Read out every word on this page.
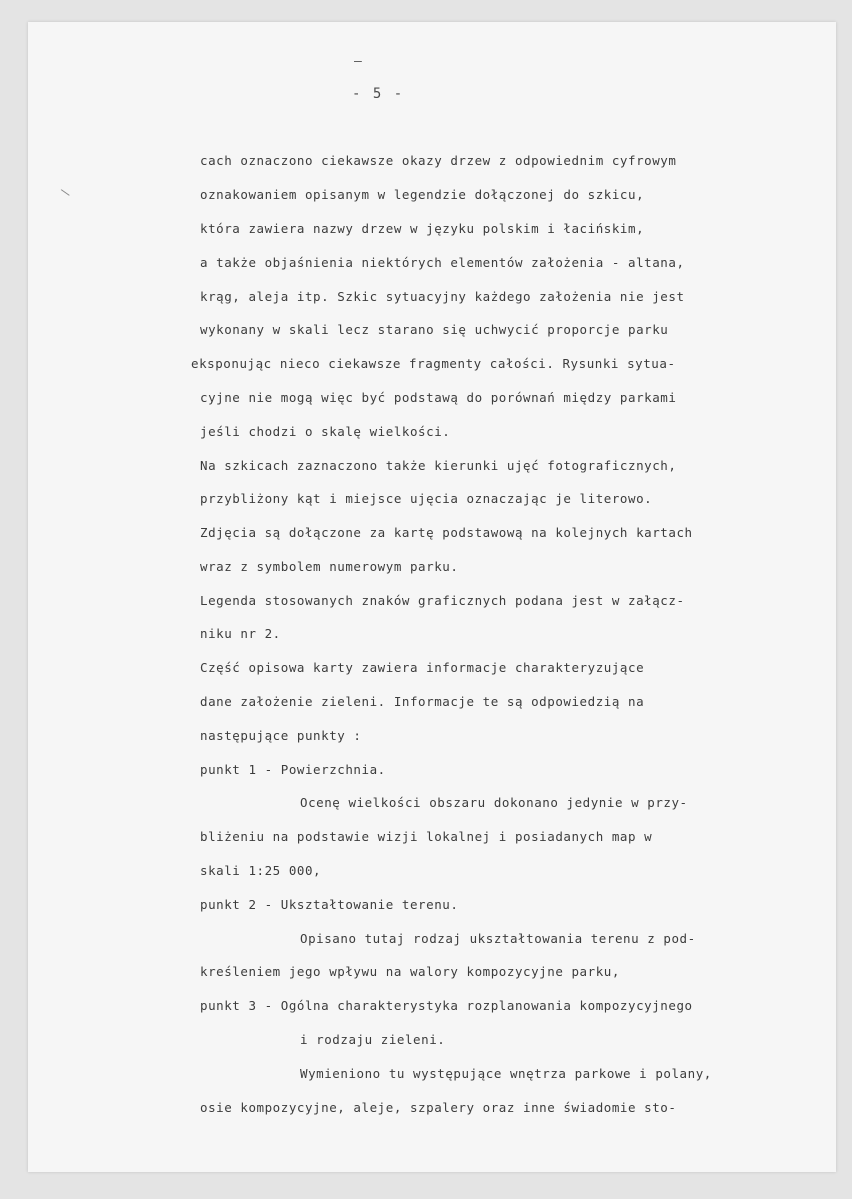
–
- 5 -
\
cach oznaczono ciekawsze okazy drzew z odpowiednim cyfrowym
oznakowaniem opisanym w legendzie dołączonej do szkicu,
która zawiera nazwy drzew w języku polskim i łacińskim,
a także objaśnienia niektórych elementów założenia - altana,
krąg, aleja itp. Szkic sytuacyjny każdego założenia nie jest
wykonany w skali lecz starano się uchwycić proporcje parku
eksponując nieco ciekawsze fragmenty całości. Rysunki sytua-
cyjne nie mogą więc być podstawą do porównań między parkami
jeśli chodzi o skalę wielkości.
Na szkicach zaznaczono także kierunki ujęć fotograficznych,
przybliżony kąt i miejsce ujęcia oznaczając je literowo.
Zdjęcia są dołączone za kartę podstawową na kolejnych kartach
wraz z symbolem numerowym parku.
Legenda stosowanych znaków graficznych podana jest w załącz-
niku nr 2.
Część opisowa karty zawiera informacje charakteryzujące
dane założenie zieleni. Informacje te są odpowiedzią na
następujące punkty :
punkt 1 - Powierzchnia.
Ocenę wielkości obszaru dokonano jedynie w przy-
bliżeniu na podstawie wizji lokalnej i posiadanych map w
skali 1:25 000,
punkt 2 - Ukształtowanie terenu.
Opisano tutaj rodzaj ukształtowania terenu z pod-
kreśleniem jego wpływu na walory kompozycyjne parku,
punkt 3 - Ogólna charakterystyka rozplanowania kompozycyjnego
i rodzaju zieleni.
Wymieniono tu występujące wnętrza parkowe i polany,
osie kompozycyjne, aleje, szpalery oraz inne świadomie sto-
